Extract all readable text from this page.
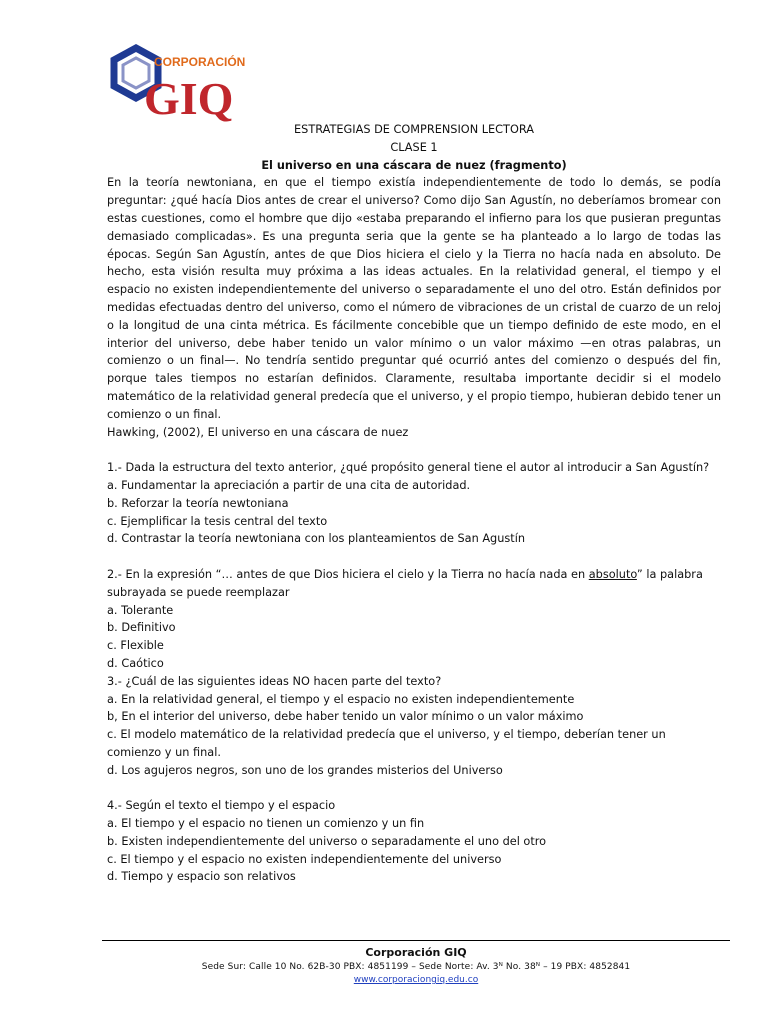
CORPORACIÓN
GIQ
ESTRATEGIAS DE COMPRENSION LECTORA
CLASE 1
El universo en una cáscara de nuez (fragmento)
En la teoría newtoniana, en que el tiempo existía independientemente de todo lo demás, se podía preguntar: ¿qué hacía Dios antes de crear el universo? Como dijo San Agustín, no deberíamos bromear con estas cuestiones, como el hombre que dijo «estaba preparando el infierno para los que pusieran preguntas demasiado complicadas». Es una pregunta seria que la gente se ha planteado a lo largo de todas las épocas. Según San Agustín, antes de que Dios hiciera el cielo y la Tierra no hacía nada en absoluto. De hecho, esta visión resulta muy próxima a las ideas actuales. En la relatividad general, el tiempo y el espacio no existen independientemente del universo o separadamente el uno del otro. Están definidos por medidas efectuadas dentro del universo, como el número de vibraciones de un cristal de cuarzo de un reloj o la longitud de una cinta métrica. Es fácilmente concebible que un tiempo definido de este modo, en el interior del universo, debe haber tenido un valor mínimo o un valor máximo —en otras palabras, un comienzo o un final—. No tendría sentido preguntar qué ocurrió antes del comienzo o después del fin, porque tales tiempos no estarían definidos. Claramente, resultaba importante decidir si el modelo matemático de la relatividad general predecía que el universo, y el propio tiempo, hubieran debido tener un comienzo o un final.
Hawking, (2002), El universo en una cáscara de nuez
1.- Dada la estructura del texto anterior, ¿qué propósito general tiene el autor al introducir a San Agustín?
a. Fundamentar la apreciación a partir de una cita de autoridad.
b. Reforzar la teoría newtoniana
c. Ejemplificar la tesis central del texto
d. Contrastar la teoría newtoniana con los planteamientos de San Agustín
2.- En la expresión “… antes de que Dios hiciera el cielo y la Tierra no hacía nada en absoluto” la palabra subrayada se puede reemplazar
a. Tolerante
b. Definitivo
c. Flexible
d. Caótico
3.- ¿Cuál de las siguientes ideas NO hacen parte del texto?
a. En la relatividad general, el tiempo y el espacio no existen independientemente
b, En el interior del universo, debe haber tenido un valor mínimo o un valor máximo
c. El modelo matemático de la relatividad predecía que el universo, y el tiempo, deberían tener un comienzo y un final.
d. Los agujeros negros, son uno de los grandes misterios del Universo
4.- Según el texto el tiempo y el espacio
a. El tiempo y el espacio no tienen un comienzo y un fin
b. Existen independientemente del universo o separadamente el uno del otro
c. El tiempo y el espacio no existen independientemente del universo
d. Tiempo y espacio son relativos
Corporación GIQ
Sede Sur: Calle 10 No. 62B-30 PBX: 4851199 – Sede Norte: Av. 3ᴺ No. 38ᴺ – 19 PBX: 4852841
www.corporaciongiq.edu.co
